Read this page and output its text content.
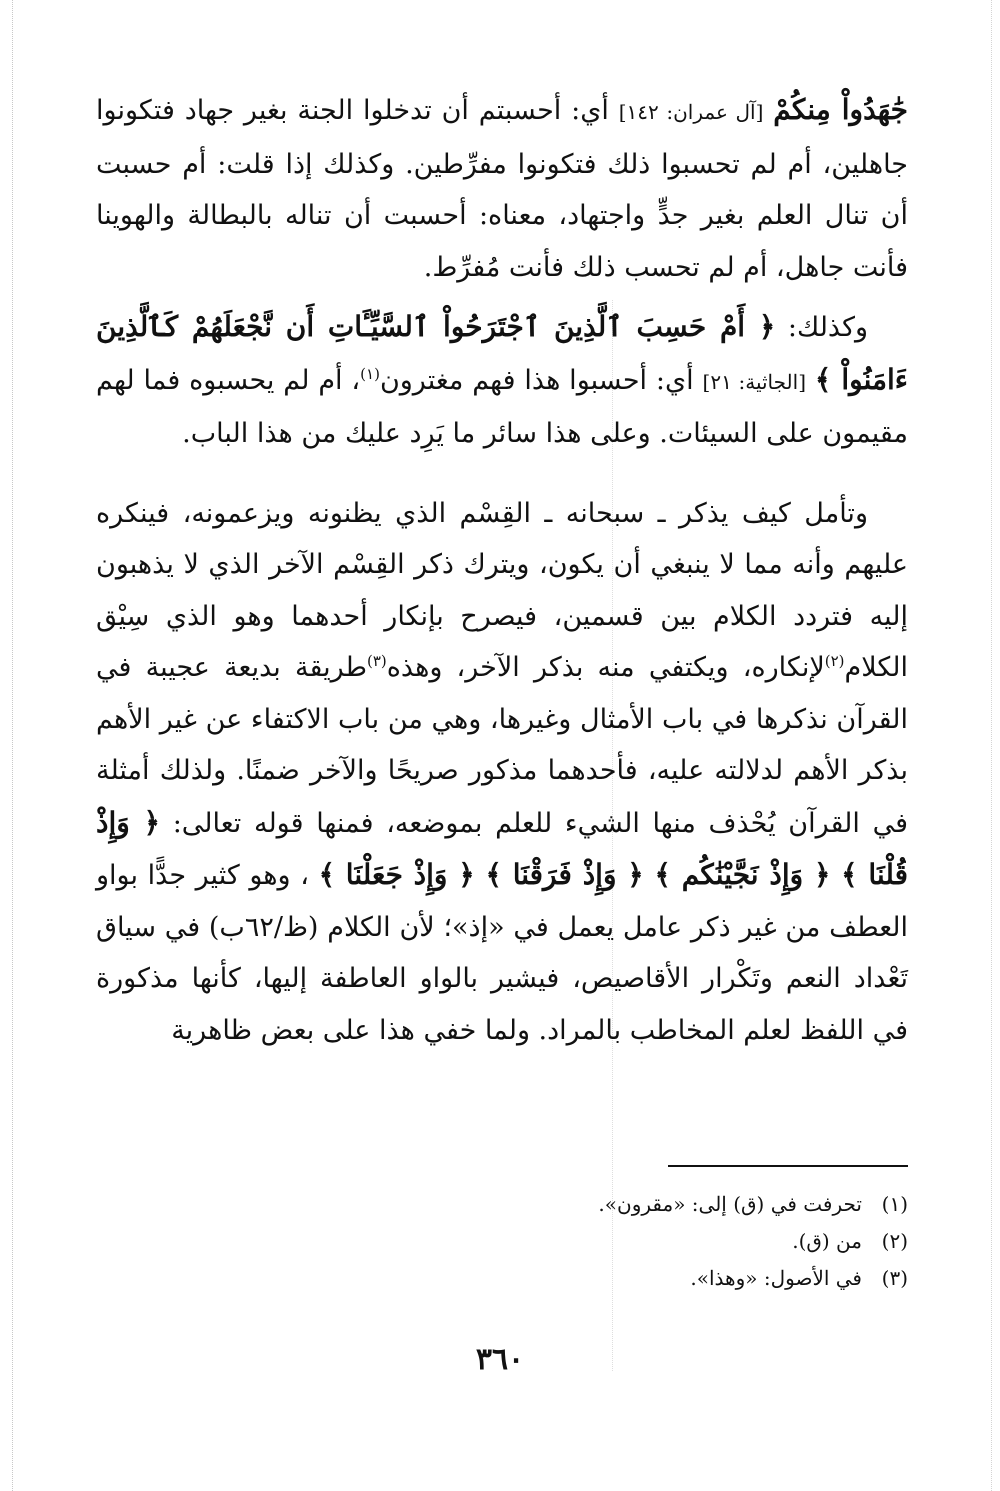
جَٰهَدُواْ مِنكُمْ [آل عمران: ١٤٢] أي: أحسبتم أن تدخلوا الجنة بغير جهاد فتكونوا جاهلين، أم لم تحسبوا ذلك فتكونوا مفرِّطين. وكذلك إذا قلت: أم حسبت أن تنال العلم بغير جدٍّ واجتهاد، معناه: أحسبت أن تناله بالبطالة والهوينا فأنت جاهل، أم لم تحسب ذلك فأنت مُفرِّط.

وكذلك: ﴿ أَمْ حَسِبَ ٱلَّذِينَ ٱجْتَرَحُواْ ٱلسَّيِّـَٔاتِ أَن نَّجْعَلَهُمْ كَٱلَّذِينَ ءَامَنُواْ ﴾ [الجاثية: ٢١] أي: أحسبوا هذا فهم مغترون$^{(١)}$، أم لم يحسبوه فما لهم مقيمون على السيئات. وعلى هذا سائر ما يَرِد عليك من هذا الباب.

وتأمل كيف يذكر ـ سبحانه ـ القِسْم الذي يظنونه ويزعمونه، فينكره عليهم وأنه مما لا ينبغي أن يكون، ويترك ذكر القِسْم الآخر الذي لا يذهبون إليه فتردد الكلام بين قسمين، فيصرح بإنكار أحدهما وهو الذي سِيْق الكلام$^{(٢)}$لإنكاره، ويكتفي منه بذكر الآخر، وهذه$^{(٣)}$طريقة بديعة عجيبة في القرآن نذكرها في باب الأمثال وغيرها، وهي من باب الاكتفاء عن غير الأهم بذكر الأهم لدلالته عليه، فأحدهما مذكور صريحًا والآخر ضمنًا. ولذلك أمثلة في القرآن يُحْذف منها الشيء للعلم بموضعه، فمنها قوله تعالى: ﴿ وَإِذْ قُلْنَا ﴾ ﴿ وَإِذْ نَجَّيْنَٰكُم ﴾ ﴿ وَإِذْ فَرَقْنَا ﴾ ﴿ وَإِذْ جَعَلْنَا ﴾ ، وهو كثير جدًّا بواو العطف من غير ذكر عامل يعمل في «إذ»؛ لأن الكلام (ظ/٦٢ب) في سياق تَعْداد النعم وتَكْرار الأقاصيص، فيشير بالواو العاطفة إليها، كأنها مذكورة في اللفظ لعلم المخاطب بالمراد. ولما خفي هذا على بعض ظاهرية

(١)تحرفت في (ق) إلى: «مقرون».
(٢)من (ق).
(٣)في الأصول: «وهذا».
٣٦٠
